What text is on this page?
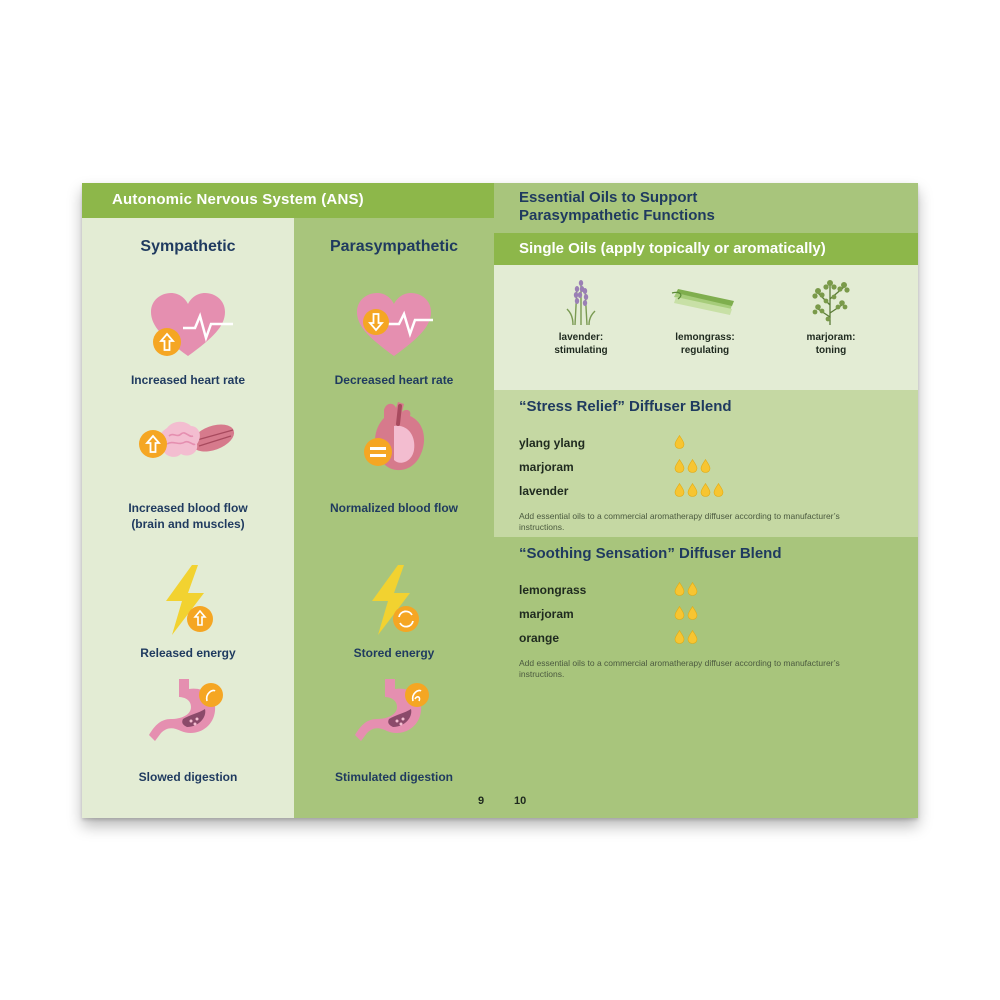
Autonomic Nervous System (ANS)
Sympathetic
Increased heart rate
Increased blood flow
(brain and muscles)
Released energy
Slowed digestion
Parasympathetic
Decreased heart rate
Normalized blood flow
Stored energy
Stimulated digestion
9
Essential Oils to Support
Parasympathetic Functions
Single Oils (apply topically or aromatically)
lavender:
stimulating
lemongrass:
regulating
marjoram:
toning
“Stress Relief” Diffuser Blend
ylang ylang
marjoram
lavender
Add essential oils to a commercial aromatherapy diffuser according to manufacturer’s instructions.
“Soothing Sensation” Diffuser Blend
lemongrass
marjoram
orange
Add essential oils to a commercial aromatherapy diffuser according to manufacturer’s instructions.
10
